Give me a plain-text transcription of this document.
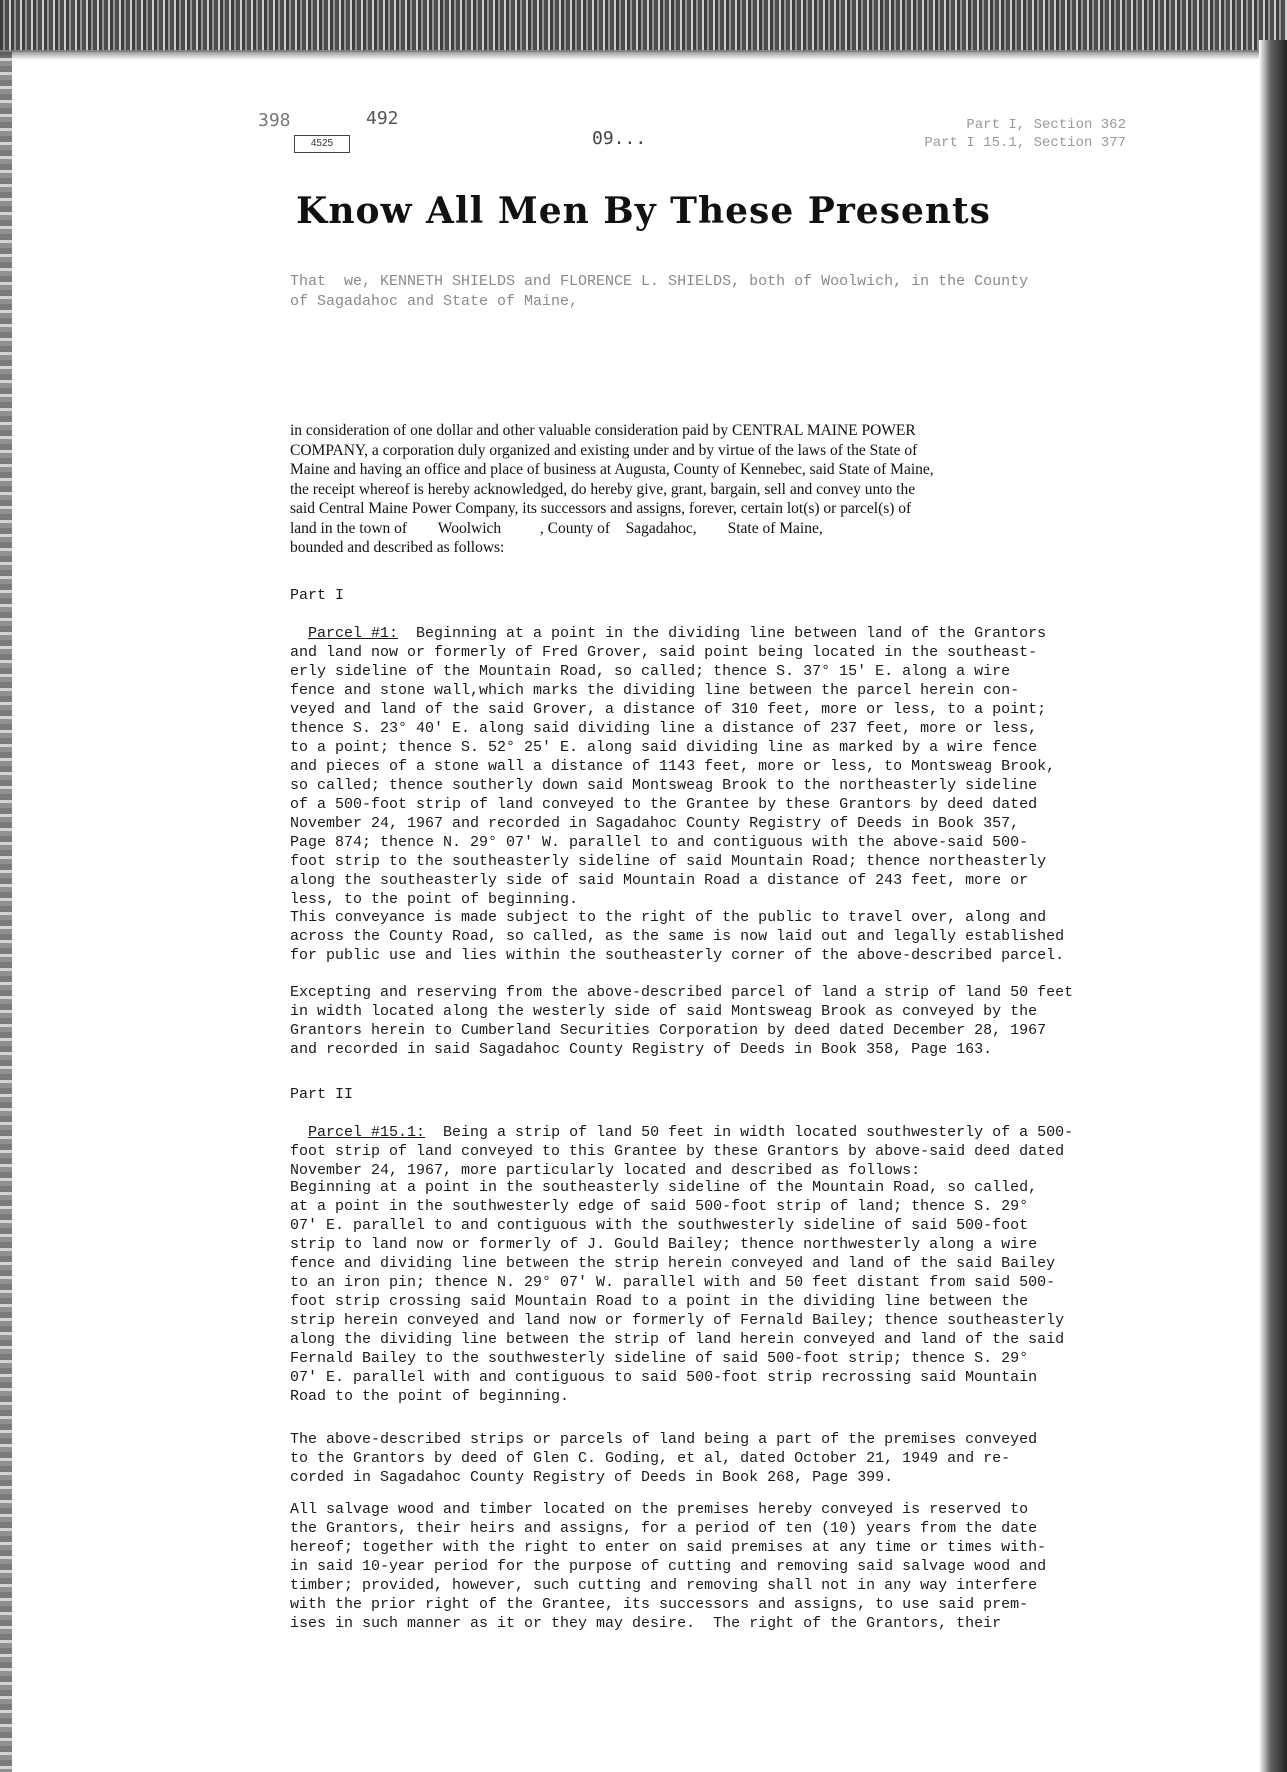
398	492
4525	09...
Part I, Section 362
Part I 15.1, Section 377
Know All Men By These Presents
That  we, KENNETH SHIELDS and FLORENCE L. SHIELDS, both of Woolwich, in the County
of Sagadahoc and State of Maine,
in consideration of one dollar and other valuable consideration paid by CENTRAL MAINE POWER
COMPANY, a corporation duly organized and existing under and by virtue of the laws of the State of
Maine and having an office and place of business at Augusta, County of Kennebec, said State of Maine,
the receipt whereof is hereby acknowledged, do hereby give, grant, bargain, sell and convey unto the
said Central Maine Power Company, its successors and assigns, forever, certain lot(s) or parcel(s) of
land in the town of        Woolwich          , County of    Sagadahoc,        State of Maine,
bounded and described as follows:
Part I

Parcel #1:  Beginning at a point in the dividing line between land of the Grantors
and land now or formerly of Fred Grover, said point being located in the southeast-
erly sideline of the Mountain Road, so called; thence S. 37° 15' E. along a wire
fence and stone wall,which marks the dividing line between the parcel herein con-
veyed and land of the said Grover, a distance of 310 feet, more or less, to a point;
thence S. 23° 40' E. along said dividing line a distance of 237 feet, more or less,
to a point; thence S. 52° 25' E. along said dividing line as marked by a wire fence
and pieces of a stone wall a distance of 1143 feet, more or less, to Montsweag Brook,
so called; thence southerly down said Montsweag Brook to the northeasterly sideline
of a 500-foot strip of land conveyed to the Grantee by these Grantors by deed dated
November 24, 1967 and recorded in Sagadahoc County Registry of Deeds in Book 357,
Page 874; thence N. 29° 07' W. parallel to and contiguous with the above-said 500-
foot strip to the southeasterly sideline of said Mountain Road; thence northeasterly
along the southeasterly side of said Mountain Road a distance of 243 feet, more or
less, to the point of beginning.

This conveyance is made subject to the right of the public to travel over, along and
across the County Road, so called, as the same is now laid out and legally established
for public use and lies within the southeasterly corner of the above-described parcel.
Excepting and reserving from the above-described parcel of land a strip of land 50 feet
in width located along the westerly side of said Montsweag Brook as conveyed by the
Grantors herein to Cumberland Securities Corporation by deed dated December 28, 1967
and recorded in said Sagadahoc County Registry of Deeds in Book 358, Page 163.
Part II

Parcel #15.1:  Being a strip of land 50 feet in width located southwesterly of a 500-
foot strip of land conveyed to this Grantee by these Grantors by above-said deed dated
November 24, 1967, more particularly located and described as follows:

Beginning at a point in the southeasterly sideline of the Mountain Road, so called,
at a point in the southwesterly edge of said 500-foot strip of land; thence S. 29°
07' E. parallel to and contiguous with the southwesterly sideline of said 500-foot
strip to land now or formerly of J. Gould Bailey; thence northwesterly along a wire
fence and dividing line between the strip herein conveyed and land of the said Bailey
to an iron pin; thence N. 29° 07' W. parallel with and 50 feet distant from said 500-
foot strip crossing said Mountain Road to a point in the dividing line between the
strip herein conveyed and land now or formerly of Fernald Bailey; thence southeasterly
along the dividing line between the strip of land herein conveyed and land of the said
Fernald Bailey to the southwesterly sideline of said 500-foot strip; thence S. 29°
07' E. parallel with and contiguous to said 500-foot strip recrossing said Mountain
Road to the point of beginning.
The above-described strips or parcels of land being a part of the premises conveyed
to the Grantors by deed of Glen C. Goding, et al, dated October 21, 1949 and re-
corded in Sagadahoc County Registry of Deeds in Book 268, Page 399.
All salvage wood and timber located on the premises hereby conveyed is reserved to
the Grantors, their heirs and assigns, for a period of ten (10) years from the date
hereof; together with the right to enter on said premises at any time or times with-
in said 10-year period for the purpose of cutting and removing said salvage wood and
timber; provided, however, such cutting and removing shall not in any way interfere
with the prior right of the Grantee, its successors and assigns, to use said prem-
ises in such manner as it or they may desire.  The right of the Grantors, their
